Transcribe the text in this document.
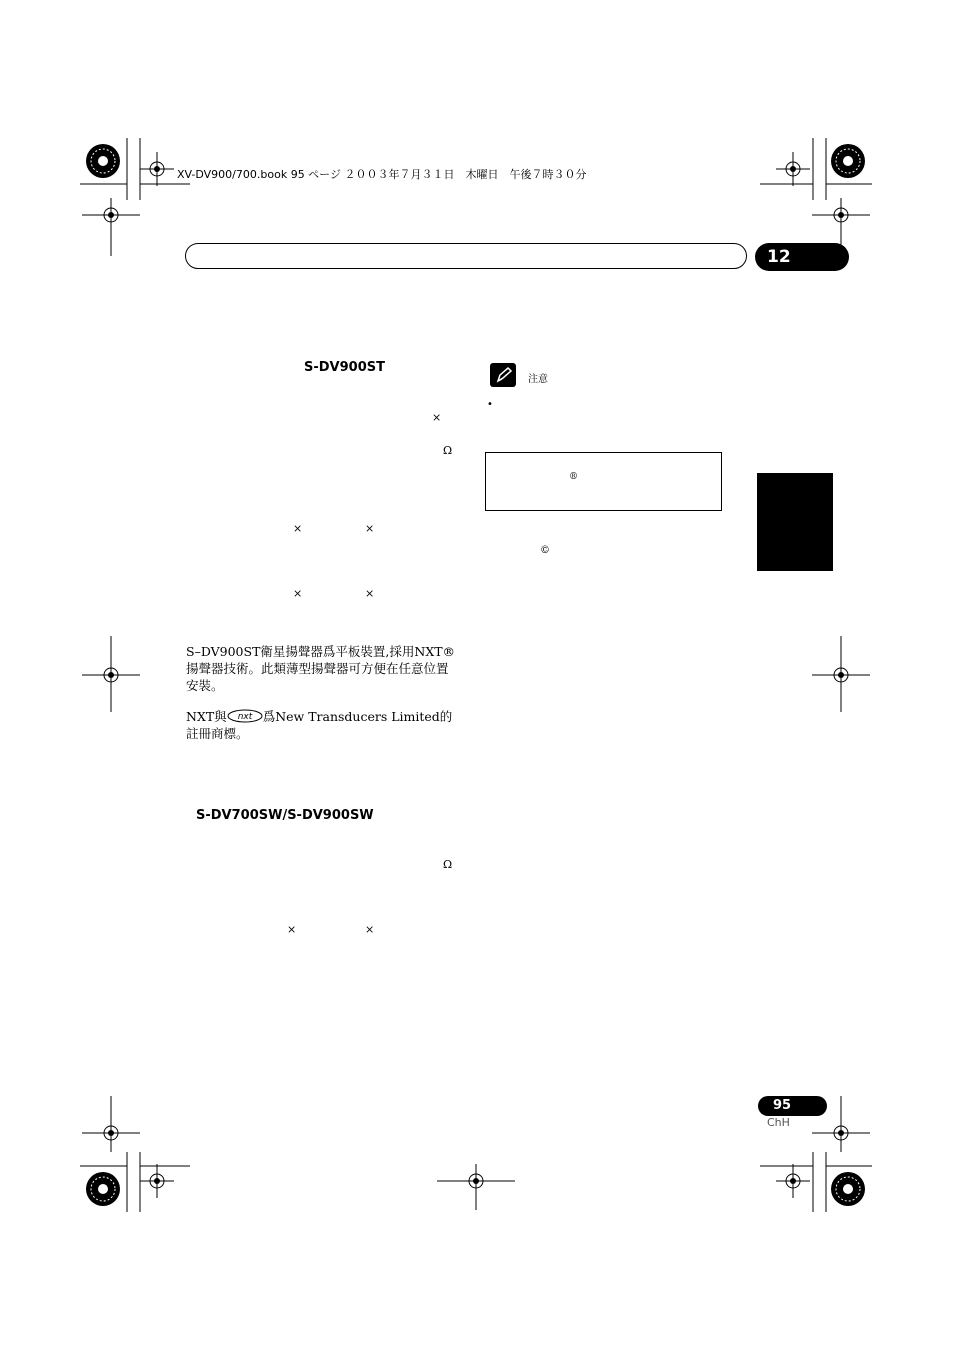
XV-DV900/700.book 95 ページ ２００３年７月３１日　木曜日　午後７時３０分
12
S-DV900ST
×
Ω
×	×
×	×
S–DV900ST衛星揚聲器爲平板裝置,採用NXT®揚聲器技術。此類薄型揚聲器可方便在任意位置安裝。
NXT與 nxt 爲New Transducers Limited的註冊商標。
S-DV700SW/S-DV900SW
Ω
×	×
注意
•
®
©
95
ChH
